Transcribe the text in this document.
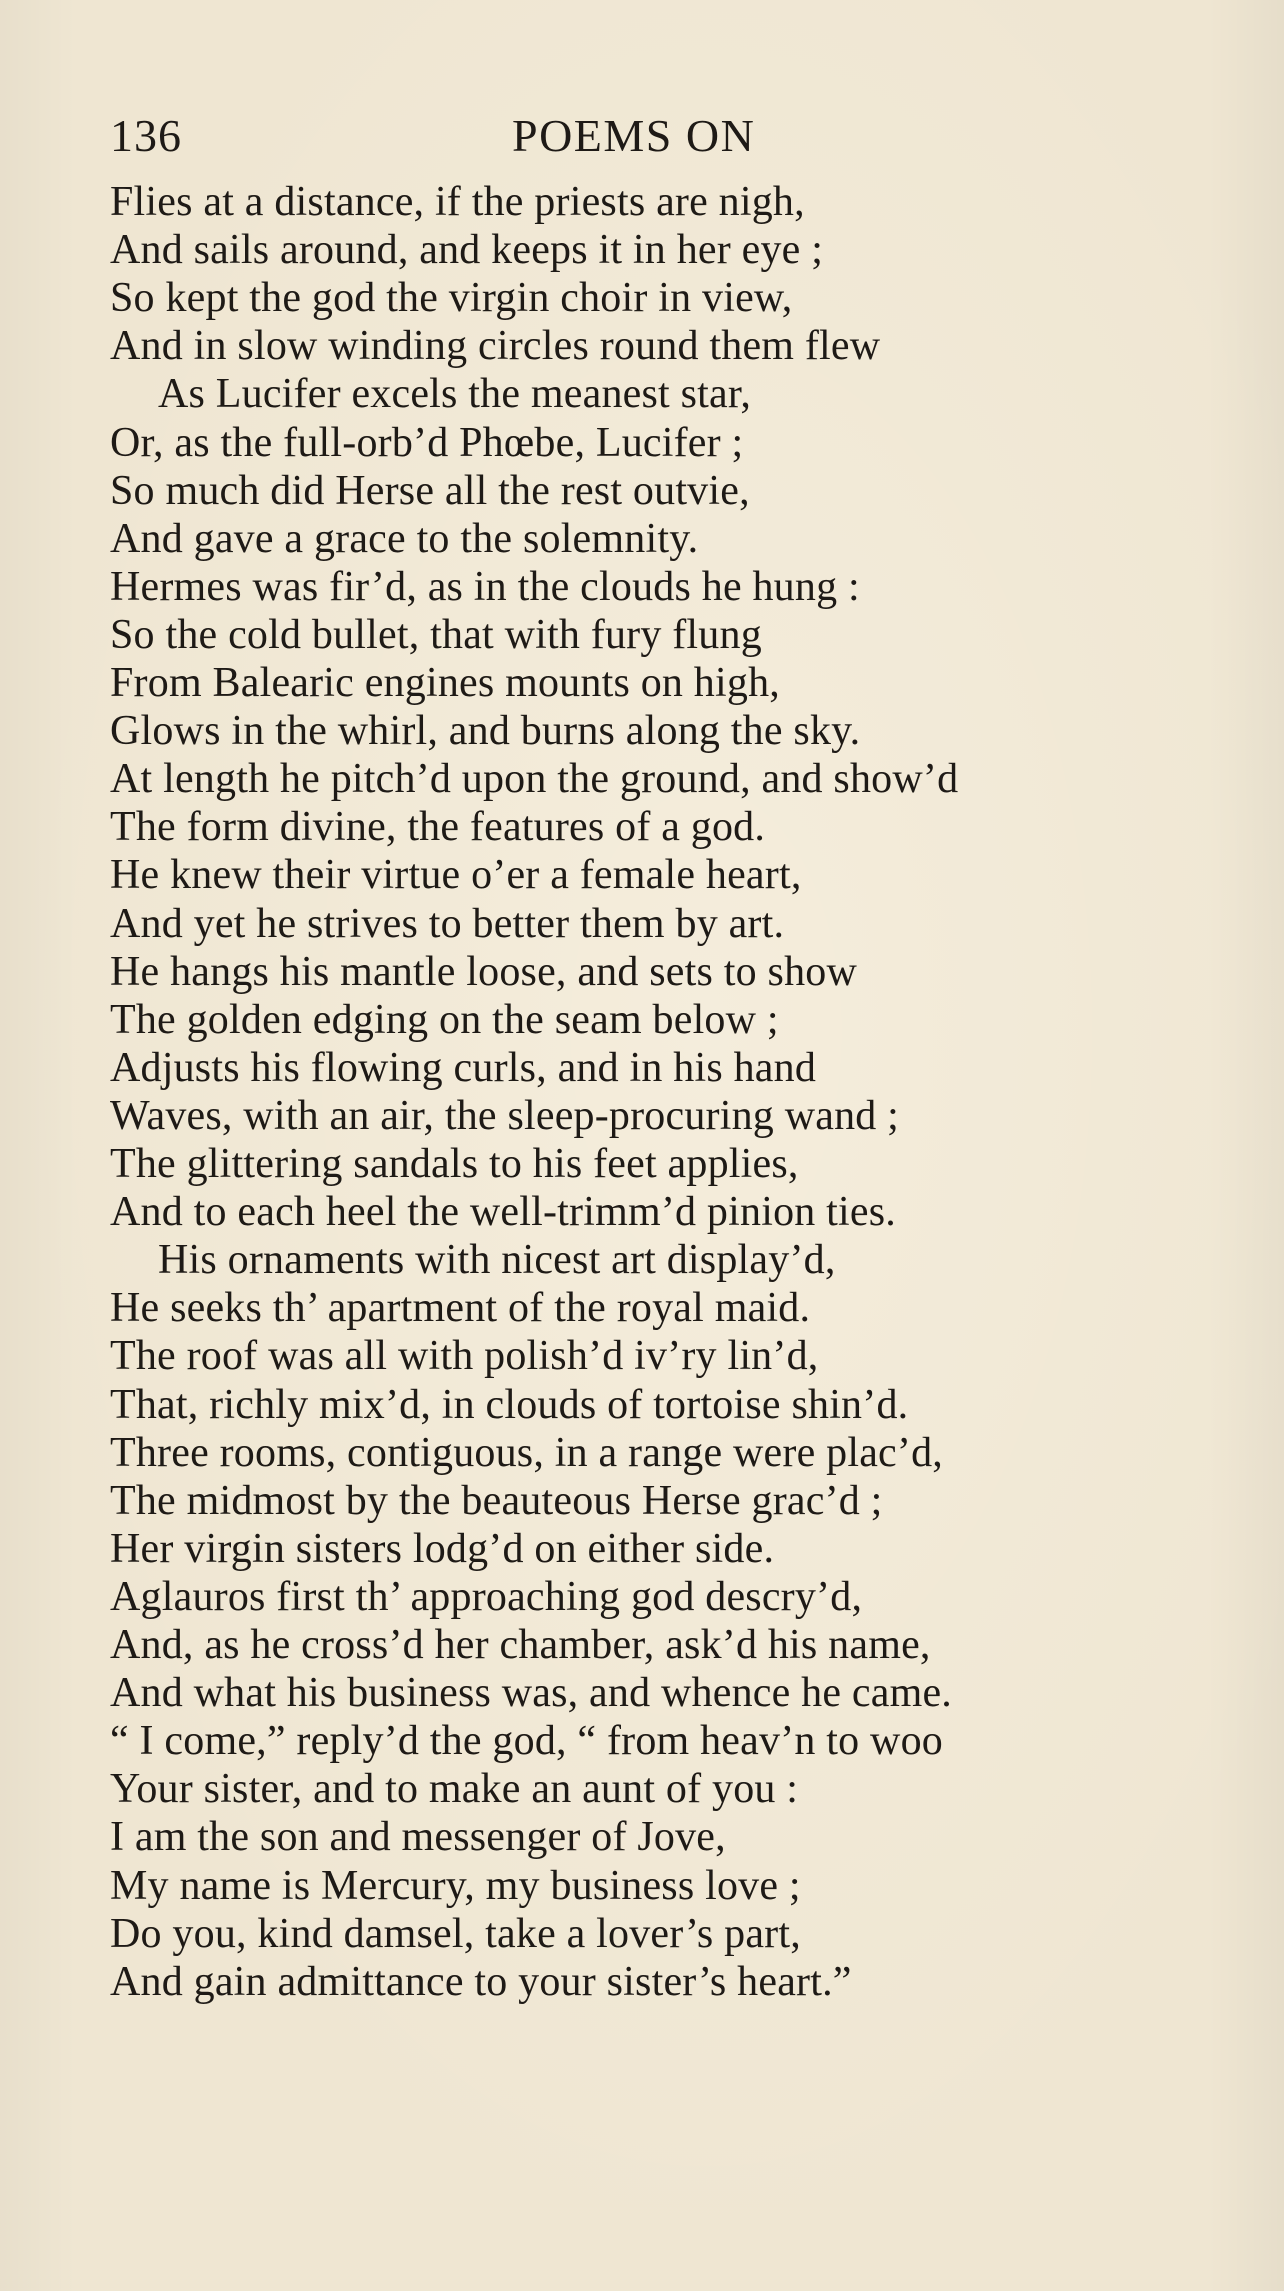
136	POEMS ON
Flies at a distance, if the priests are nigh,
And sails around, and keeps it in her eye ;
So kept the god the virgin choir in view,
And in slow winding circles round them flew
As Lucifer excels the meanest star,
Or, as the full-orb’d Phœbe, Lucifer ;
So much did Herse all the rest outvie,
And gave a grace to the solemnity.
Hermes was fir’d, as in the clouds he hung :
So the cold bullet, that with fury flung
From Balearic engines mounts on high,
Glows in the whirl, and burns along the sky.
At length he pitch’d upon the ground, and show’d
The form divine, the features of a god.
He knew their virtue o’er a female heart,
And yet he strives to better them by art.
He hangs his mantle loose, and sets to show
The golden edging on the seam below ;
Adjusts his flowing curls, and in his hand
Waves, with an air, the sleep-procuring wand ;
The glittering sandals to his feet applies,
And to each heel the well-trimm’d pinion ties.
His ornaments with nicest art display’d,
He seeks th’ apartment of the royal maid.
The roof was all with polish’d iv’ry lin’d,
That, richly mix’d, in clouds of tortoise shin’d.
Three rooms, contiguous, in a range were plac’d,
The midmost by the beauteous Herse grac’d ;
Her virgin sisters lodg’d on either side.
Aglauros first th’ approaching god descry’d,
And, as he cross’d her chamber, ask’d his name,
And what his business was, and whence he came.
“ I come,” reply’d the god, “ from heav’n to woo
Your sister, and to make an aunt of you :
I am the son and messenger of Jove,
My name is Mercury, my business love ;
Do you, kind damsel, take a lover’s part,
And gain admittance to your sister’s heart.”
